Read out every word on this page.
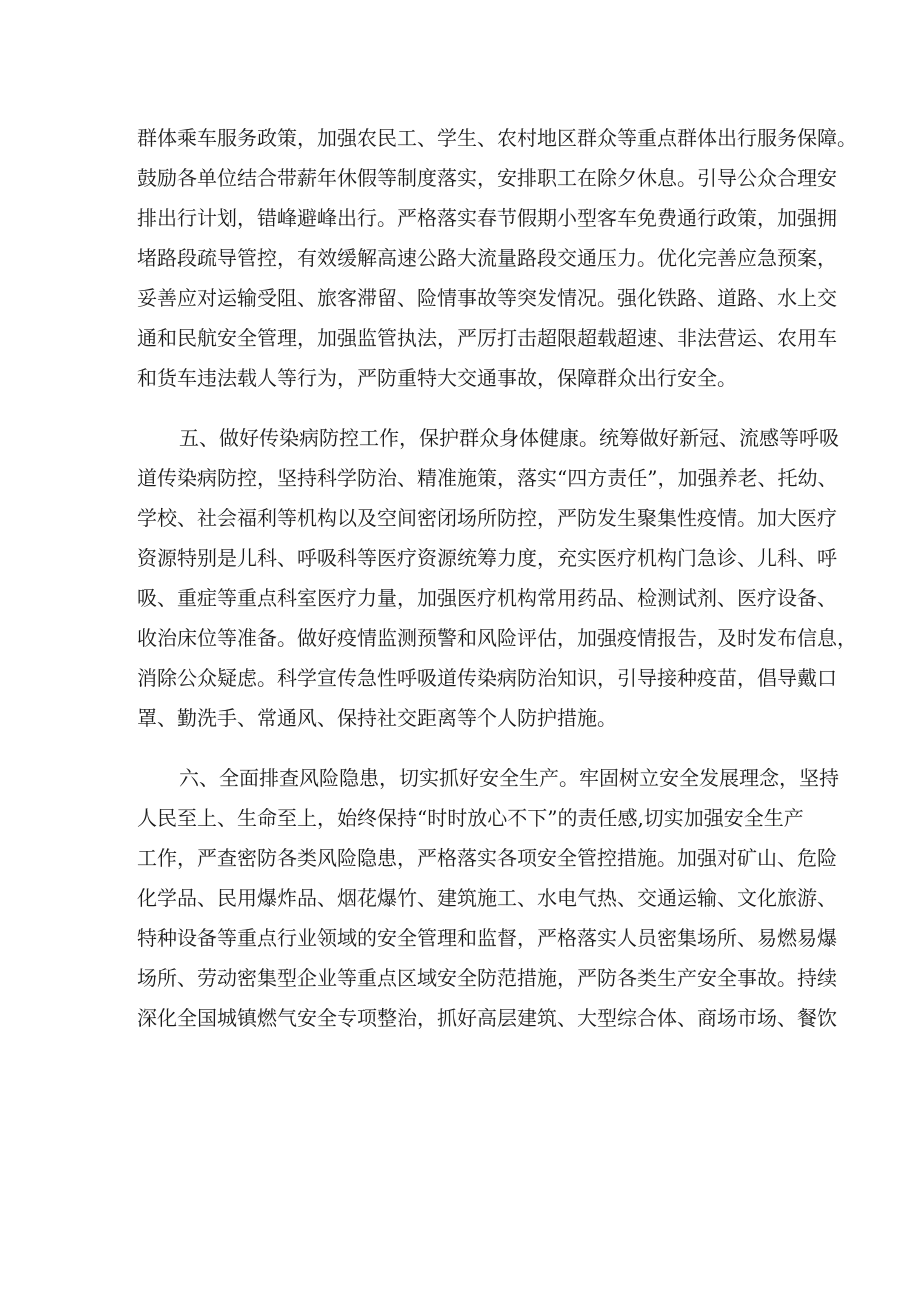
群体乘车服务政策，加强农民工、学生、农村地区群众等重点群体出行服务保障。
鼓励各单位结合带薪年休假等制度落实，安排职工在除夕休息。引导公众合理安
排出行计划，错峰避峰出行。严格落实春节假期小型客车免费通行政策，加强拥
堵路段疏导管控，有效缓解高速公路大流量路段交通压力。优化完善应急预案，
妥善应对运输受阻、旅客滞留、险情事故等突发情况。强化铁路、道路、水上交
通和民航安全管理，加强监管执法，严厉打击超限超载超速、非法营运、农用车
和货车违法载人等行为，严防重特大交通事故，保障群众出行安全。
五、做好传染病防控工作，保护群众身体健康。统筹做好新冠、流感等呼吸
道传染病防控，坚持科学防治、精准施策，落实“四方责任”，加强养老、托幼、
学校、社会福利等机构以及空间密闭场所防控，严防发生聚集性疫情。加大医疗
资源特别是儿科、呼吸科等医疗资源统筹力度，充实医疗机构门急诊、儿科、呼
吸、重症等重点科室医疗力量，加强医疗机构常用药品、检测试剂、医疗设备、
收治床位等准备。做好疫情监测预警和风险评估，加强疫情报告，及时发布信息，
消除公众疑虑。科学宣传急性呼吸道传染病防治知识，引导接种疫苗，倡导戴口
罩、勤洗手、常通风、保持社交距离等个人防护措施。
六、全面排查风险隐患，切实抓好安全生产。牢固树立安全发展理念，坚持
人民至上、生命至上，始终保持“时时放心不下”的责任感,切实加强安全生产
工作，严查密防各类风险隐患，严格落实各项安全管控措施。加强对矿山、危险
化学品、民用爆炸品、烟花爆竹、建筑施工、水电气热、交通运输、文化旅游、
特种设备等重点行业领域的安全管理和监督，严格落实人员密集场所、易燃易爆
场所、劳动密集型企业等重点区域安全防范措施，严防各类生产安全事故。持续
深化全国城镇燃气安全专项整治，抓好高层建筑、大型综合体、商场市场、餐饮
